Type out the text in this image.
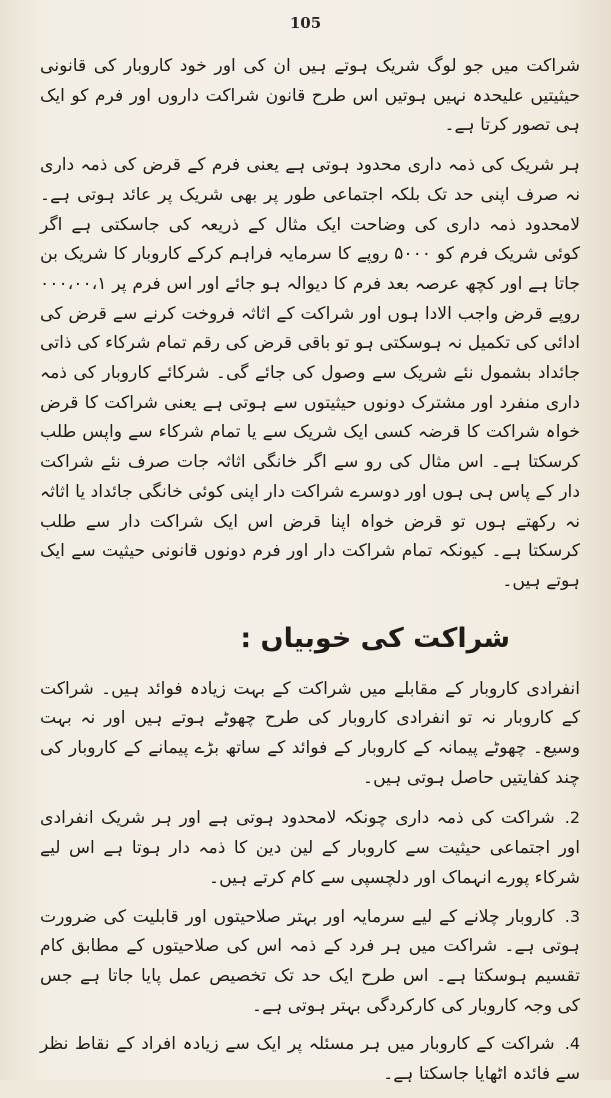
105

شراکت میں جو لوگ شریک ہوتے ہیں ان کی اور خود کاروبار کی قانونی حیثیتیں علیحدہ نہیں ہوتیں اس طرح قانون شراکت داروں اور فرم کو ایک ہی تصور کرتا ہے۔

ہر شریک کی ذمہ داری محدود ہوتی ہے یعنی فرم کے قرض کی ذمہ داری نہ صرف اپنی حد تک بلکہ اجتماعی طور پر بھی شریک پر عائد ہوتی ہے۔ لامحدود ذمہ داری کی وضاحت ایک مثال کے ذریعہ کی جاسکتی ہے اگر کوئی شریک فرم کو ۵۰۰۰ روپے کا سرمایہ فراہم کرکے کاروبار کا شریک بن جاتا ہے اور کچھ عرصہ بعد فرم کا دیوالہ ہو جائے اور اس فرم پر ۰۰۰،۰۰،۱ روپے قرض واجب الادا ہوں اور شراکت کے اثاثہ فروخت کرنے سے قرض کی ادائی کی تکمیل نہ ہوسکتی ہو تو باقی قرض کی رقم تمام شرکاء کی ذاتی جائداد بشمول نئے شریک سے وصول کی جائے گی۔ شرکائے کاروبار کی ذمہ داری منفرد اور مشترک دونوں حیثیتوں سے ہوتی ہے یعنی شراکت کا قرض خواہ شراکت کا قرضہ کسی ایک شریک سے یا تمام شرکاء سے واپس طلب کرسکتا ہے۔ اس مثال کی رو سے اگر خانگی اثاثہ جات صرف نئے شراکت دار کے پاس ہی ہوں اور دوسرے شراکت دار اپنی کوئی خانگی جائداد یا اثاثہ نہ رکھتے ہوں تو قرض خواہ اپنا قرض اس ایک شراکت دار سے طلب کرسکتا ہے۔ کیونکہ تمام شراکت دار اور فرم دونوں قانونی حیثیت سے ایک ہوتے ہیں۔

شراکت کی خوبیاں :

انفرادی کاروبار کے مقابلے میں شراکت کے بہت زیادہ فوائد ہیں۔ شراکت کے کاروبار نہ تو انفرادی کاروبار کی طرح چھوٹے ہوتے ہیں اور نہ بہت وسیع۔ چھوٹے پیمانہ کے کاروبار کے فوائد کے ساتھ بڑے پیمانے کے کاروبار کی چند کفایتیں حاصل ہوتی ہیں۔

2.شراکت کی ذمہ داری چونکہ لامحدود ہوتی ہے اور ہر شریک انفرادی اور اجتماعی حیثیت سے کاروبار کے لین دین کا ذمہ دار ہوتا ہے اس لیے شرکاء پورے انہماک اور دلچسپی سے کام کرتے ہیں۔

3.کاروبار چلانے کے لیے سرمایہ اور بہتر صلاحیتوں اور قابلیت کی ضرورت ہوتی ہے۔ شراکت میں ہر فرد کے ذمہ اس کی صلاحیتوں کے مطابق کام تقسیم ہوسکتا ہے۔ اس طرح ایک حد تک تخصیص عمل پایا جاتا ہے جس کی وجہ کاروبار کی کارکردگی بہتر ہوتی ہے۔

4.شراکت کے کاروبار میں ہر مسئلہ پر ایک سے زیادہ افراد کے نقاط نظر سے فائدہ اٹھایا جاسکتا ہے۔
